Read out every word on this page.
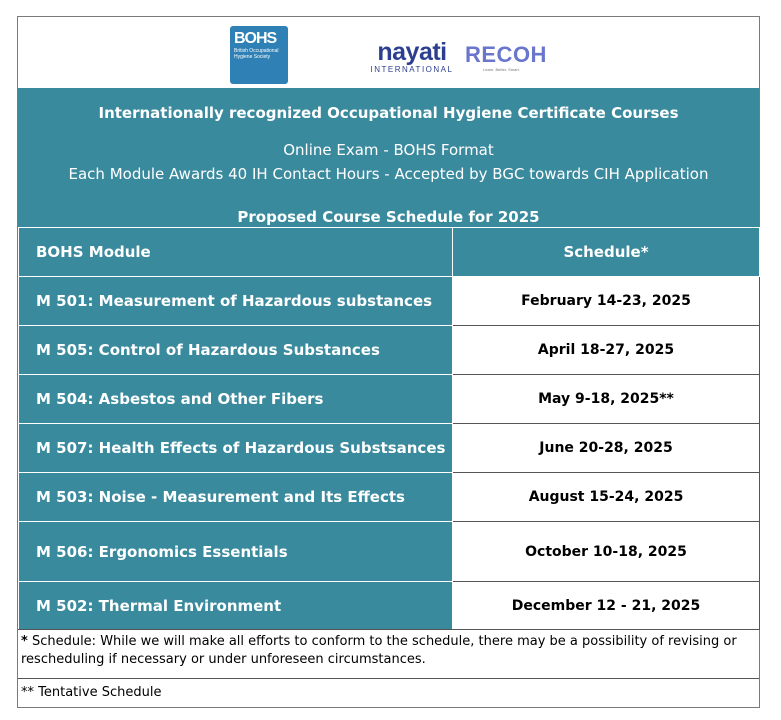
BOHS
British Occupational
Hygiene Society	nayati
INTERNATIONAL
RECOH
Learn. Better. Smart.
Internationally recognized Occupational Hygiene Certificate Courses
Online Exam - BOHS Format
Each Module Awards 40 IH Contact Hours - Accepted by BGC towards CIH Application
Proposed Course Schedule for 2025
BOHS Module	Schedule*
M 501: Measurement of Hazardous substances	February 14-23, 2025
M 505: Control of Hazardous Substances	April 18-27, 2025
M 504: Asbestos and Other Fibers	May 9-18, 2025**
M 507: Health Effects of Hazardous Substsances	June 20-28, 2025
M 503: Noise - Measurement and Its Effects	August 15-24, 2025
M 506: Ergonomics Essentials	October 10-18, 2025
M 502: Thermal Environment	December 12 - 21, 2025
* Schedule: While we will make all efforts to conform to the schedule, there may be a possibility of revising or rescheduling if necessary or under unforeseen circumstances.
** Tentative Schedule
